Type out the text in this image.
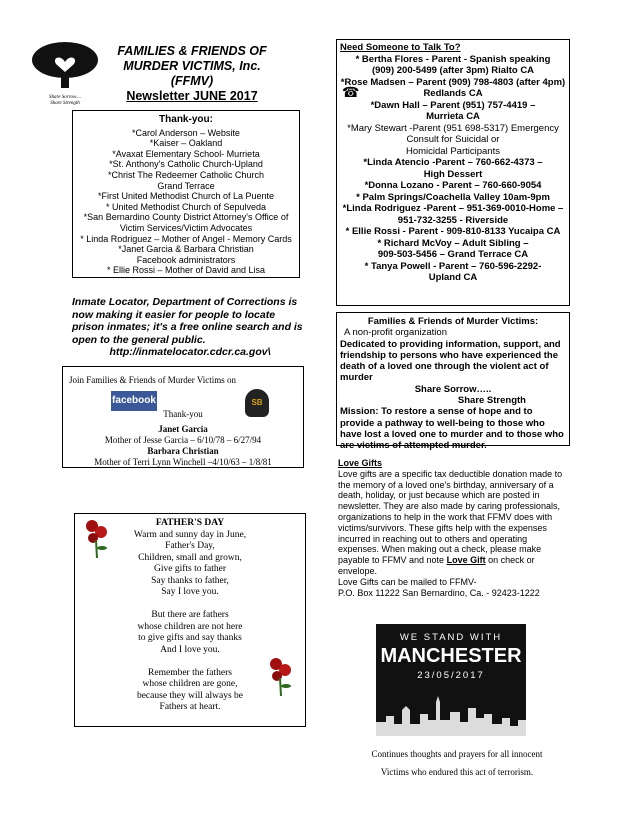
Share Sorrow....
Share Strength
FAMILIES & FRIENDS OF
MURDER VICTIMS, Inc.
(FFMV)
Newsletter JUNE 2017
Thank-you:
*Carol Anderson – Website
*Kaiser – Oakland
*Avaxat Elementary School- Murrieta
*St. Anthony's Catholic Church-Upland
*Christ The Redeemer Catholic Church
Grand Terrace
*First United Methodist Church of La Puente
* United Methodist Church of Sepulveda
*San Bernardino County District Attorney's Office of
Victim Services/Victim Advocates
* Linda Rodriguez – Mother of Angel - Memory Cards
*Janet Garcia & Barbara Christian
Facebook administrators
* Ellie Rossi – Mother of David and Lisa
Inmate Locator, Department of Corrections is now making it easier for people to locate prison inmates; it's a free online search and is open to the general public.
http://inmatelocator.cdcr.ca.gov\
Join Families & Friends of Murder Victims on
facebook	SB
Thank-you
Janet Garcia
Mother of Jesse Garcia – 6/10/78 – 6/27/94
Barbara Christian
Mother of Terri Lynn Winchell –4/10/63 – 1/8/81
FATHER'S DAY
Warm and sunny day in June,
Father's Day,
Children, small and grown,
Give gifts to father
Say thanks to father,
Say I love you.
But there are fathers
whose children are not here
to give gifts and say thanks
And I love you.
Remember the fathers
whose children are gone,
because they will always be
Fathers at heart.
Need Someone to Talk To?
* Bertha Flores - Parent - Spanish speaking
(909) 200-5499 (after 3pm) Rialto CA
*Rose Madsen – Parent (909) 798-4803 (after 4pm)
Redlands CA
*Dawn Hall – Parent (951) 757-4419 –
Murrieta CA
*Mary Stewart -Parent (951 698-5317) Emergency
Consult for Suicidal or
Homicidal Participants
*Linda Atencio -Parent – 760-662-4373 –
High Dessert
*Donna Lozano - Parent – 760-660-9054
* Palm Springs/Coachella Valley 10am-9pm
*Linda Rodriguez -Parent – 951-369-0010-Home –
951-732-3255 - Riverside
* Ellie Rossi - Parent - 909-810-8133 Yucaipa CA
* Richard McVoy – Adult Sibling –
909-503-5456 – Grand Terrace CA
* Tanya Powell - Parent – 760-596-2292-
Upland CA
☎
Families & Friends of Murder Victims:
A non-profit organization
Dedicated to providing information, support, and friendship to persons who have experienced the death of a loved one through the violent act of murder
Share Sorrow…..
Share Strength
Mission: To restore a sense of hope and to provide a pathway to well-being to those who have lost a loved one to murder and to those who are victims of attempted murder.
Love Gifts
Love gifts are a specific tax deductible donation made to the memory of a loved one's birthday, anniversary of a death, holiday, or just because which are posted in newsletter. They are also made by caring professionals, organizations to help in the work that FFMV does with victims/survivors. These gifts help with the expenses incurred in reaching out to others and operating expenses. When making out a check, please make payable to FFMV and note Love Gift on check or envelope.
Love Gifts can be mailed to FFMV-
P.O. Box 11222 San Bernardino, Ca. - 92423-1222
WE STAND WITH
MANCHESTER
23/05/2017
Continues thoughts and prayers for all innocent
Victims who endured this act of terrorism.
